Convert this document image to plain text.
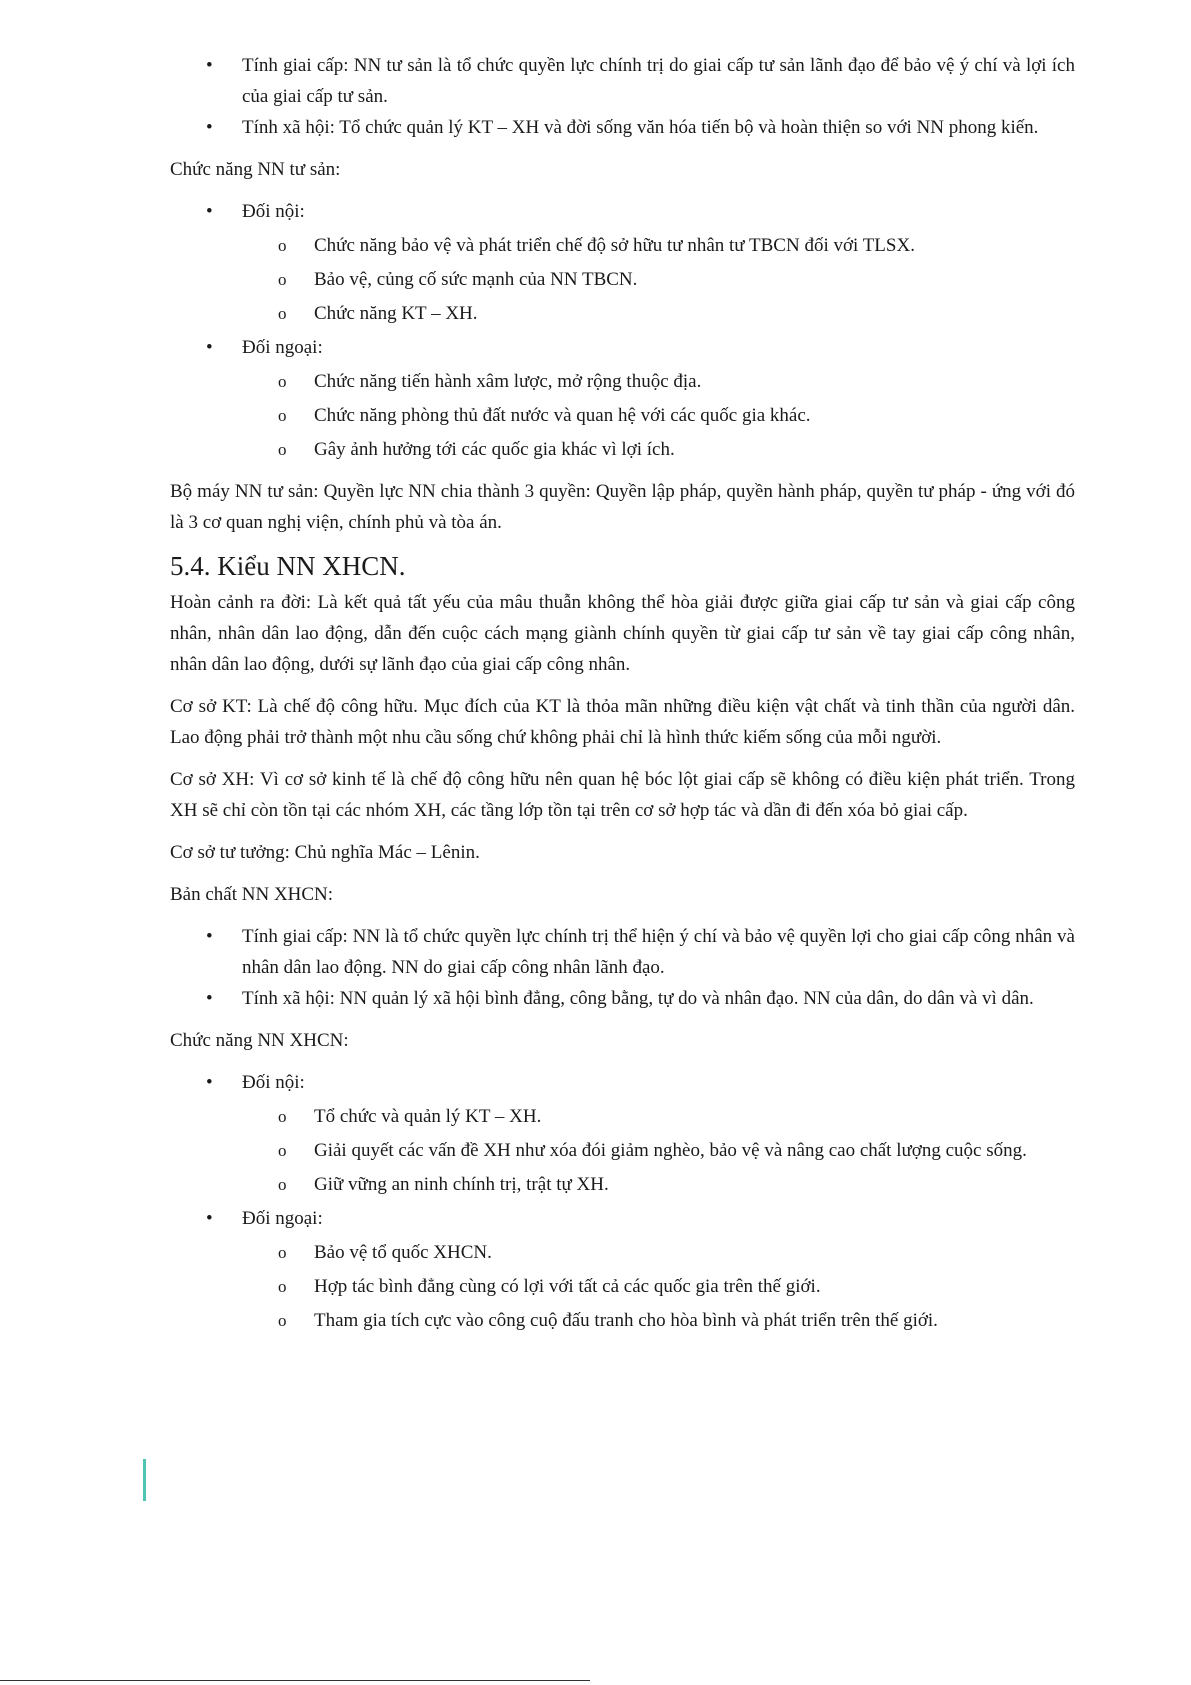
• Tính giai cấp: NN tư sản là tổ chức quyền lực chính trị do giai cấp tư sản lãnh đạo để bảo vệ ý chí và lợi ích của giai cấp tư sản.
• Tính xã hội: Tổ chức quản lý KT – XH và đời sống văn hóa tiến bộ và hoàn thiện so với NN phong kiến.

Chức năng NN tư sản:

• Đối nội:
o Chức năng bảo vệ và phát triển chế độ sở hữu tư nhân tư TBCN đối với TLSX.
o Bảo vệ, củng cố sức mạnh của NN TBCN.
o Chức năng KT – XH.
• Đối ngoại:
o Chức năng tiến hành xâm lược, mở rộng thuộc địa.
o Chức năng phòng thủ đất nước và quan hệ với các quốc gia khác.
o Gây ảnh hưởng tới các quốc gia khác vì lợi ích.

Bộ máy NN tư sản: Quyền lực NN chia thành 3 quyền: Quyền lập pháp, quyền hành pháp, quyền tư pháp - ứng với đó là 3 cơ quan nghị viện, chính phủ và tòa án.

5.4. Kiểu NN XHCN.

Hoàn cảnh ra đời: Là kết quả tất yếu của mâu thuẫn không thể hòa giải được giữa giai cấp tư sản và giai cấp công nhân, nhân dân lao động, dẫn đến cuộc cách mạng giành chính quyền từ giai cấp tư sản về tay giai cấp công nhân, nhân dân lao động, dưới sự lãnh đạo của giai cấp công nhân.

Cơ sở KT: Là chế độ công hữu. Mục đích của KT là thỏa mãn những điều kiện vật chất và tinh thần của người dân. Lao động phải trở thành một nhu cầu sống chứ không phải chỉ là hình thức kiếm sống của mỗi người.

Cơ sở XH: Vì cơ sở kinh tế là chế độ công hữu nên quan hệ bóc lột giai cấp sẽ không có điều kiện phát triển. Trong XH sẽ chỉ còn tồn tại các nhóm XH, các tầng lớp tồn tại trên cơ sở hợp tác và dần đi đến xóa bỏ giai cấp.

Cơ sở tư tưởng: Chủ nghĩa Mác – Lênin.

Bản chất NN XHCN:

• Tính giai cấp: NN là tổ chức quyền lực chính trị thể hiện ý chí và bảo vệ quyền lợi cho giai cấp công nhân và nhân dân lao động. NN do giai cấp công nhân lãnh đạo.
• Tính xã hội: NN quản lý xã hội bình đẳng, công bằng, tự do và nhân đạo. NN của dân, do dân và vì dân.

Chức năng NN XHCN:

• Đối nội:
o Tổ chức và quản lý KT – XH.
o Giải quyết các vấn đề XH như xóa đói giảm nghèo, bảo vệ và nâng cao chất lượng cuộc sống.
o Giữ vững an ninh chính trị, trật tự XH.
• Đối ngoại:
o Bảo vệ tổ quốc XHCN.
o Hợp tác bình đẳng cùng có lợi với tất cả các quốc gia trên thế giới.
o Tham gia tích cực vào công cuộ đấu tranh cho hòa bình và phát triển trên thế giới.
